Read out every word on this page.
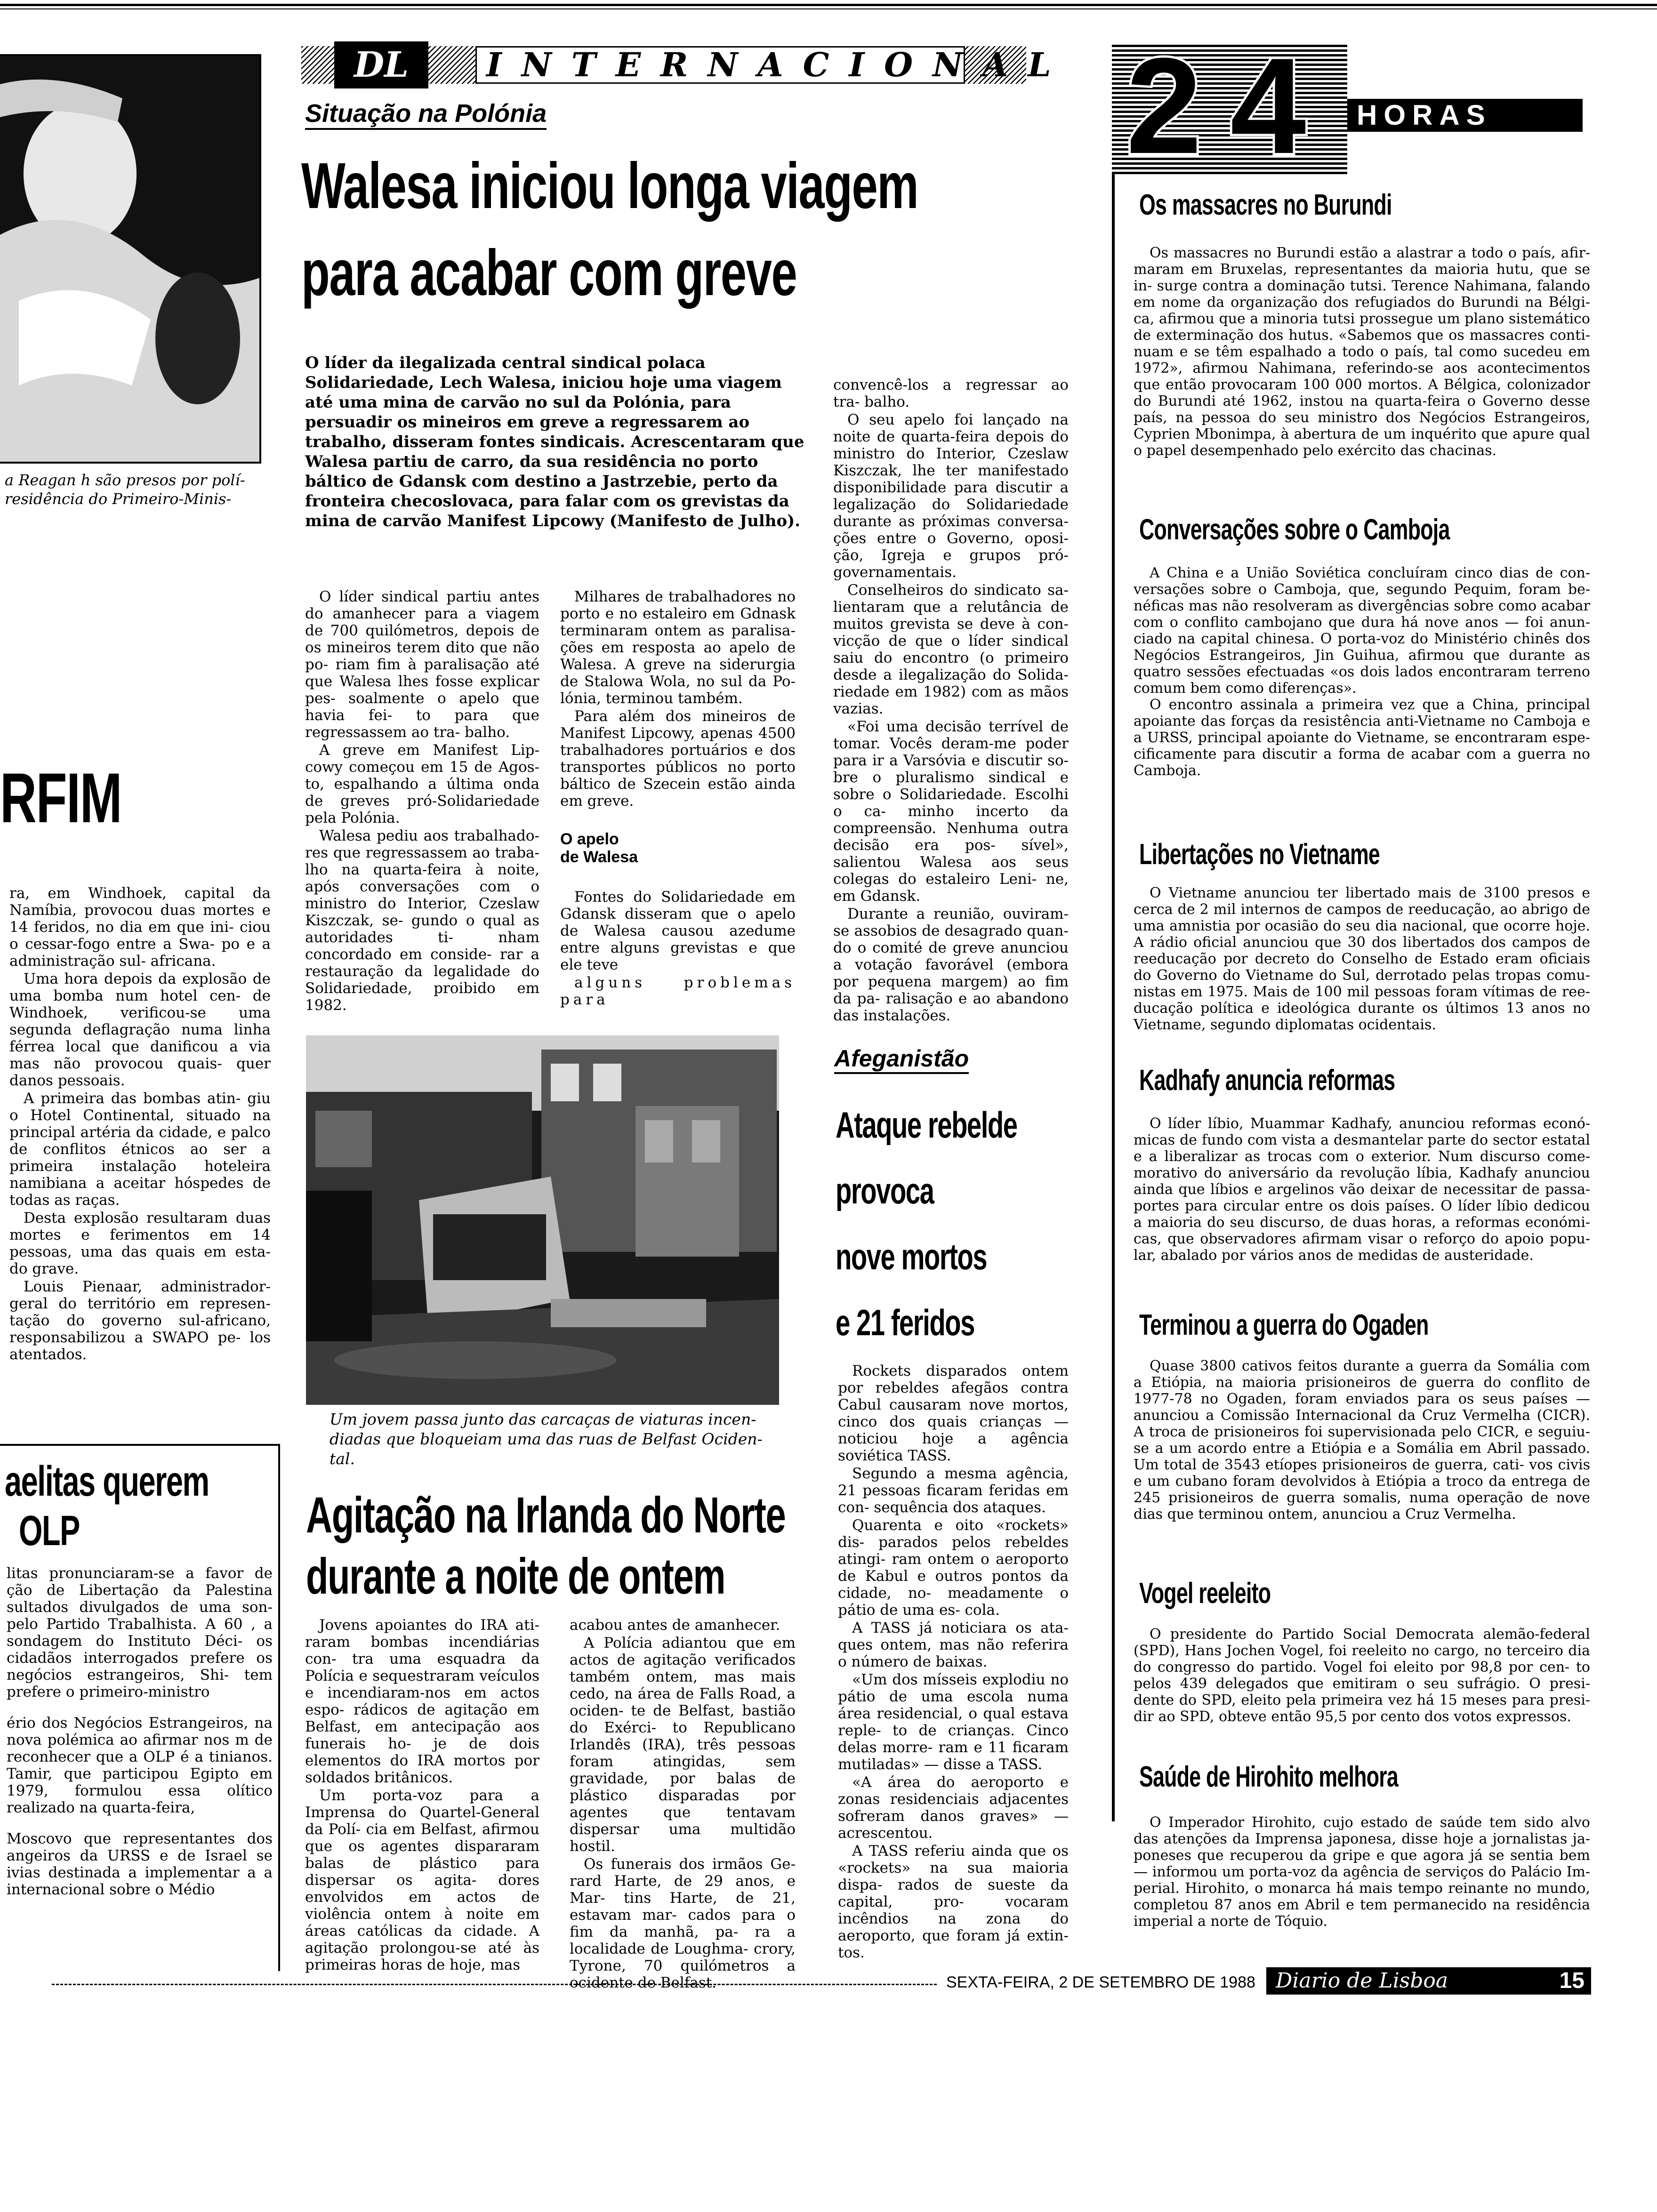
a Reagan h são presos por polí-
residência do Primeiro-Minis-
RFIM

ra, em Windhoek, capital da Namíbia, provocou duas mortes e 14 feridos, no dia em que ini- ciou o cessar-fogo entre a Swa- po e a administração sul- africana.

Uma hora depois da explosão de uma bomba num hotel cen- de Windhoek, verificou-se uma segunda deflagração numa linha férrea local que danificou a via mas não provocou quais- quer danos pessoais.

A primeira das bombas atin- giu o Hotel Continental, situado na principal artéria da cidade, e palco de conflitos étnicos ao ser a primeira instalação hoteleira namibiana a aceitar hóspedes de todas as raças.

Desta explosão resultaram duas mortes e ferimentos em 14 pessoas, uma das quais em esta- do grave.

Louis Pienaar, administrador- geral do território em represen- tação do governo sul-africano, responsabilizou a SWAPO pe- los atentados.

aelitas querem
OLP

litas pronunciaram-se a favor de ção de Libertação da Palestina sultados divulgados de uma son- pelo Partido Trabalhista. A 60 , a sondagem do Instituto Déci- os cidadãos interrogados prefere os negócios estrangeiros, Shi- tem prefere o primeiro-ministro

ério dos Negócios Estrangeiros, na nova polémica ao afirmar nos m de reconhecer que a OLP é a tinianos. Tamir, que participou Egipto em 1979, formulou essa olítico realizado na quarta-feira,

Moscovo que representantes dos angeiros da URSS e de Israel se ivias destinada a implementar a a internacional sobre o Médio

DL	INTERNACIONAL
Situação na Polónia
Walesa iniciou longa viagem
para acabar com greve
O líder da ilegalizada central sindical polaca Solidariedade, Lech Walesa, iniciou hoje uma viagem até uma mina de carvão no sul da Polónia, para persuadir os mineiros em greve a regressarem ao trabalho, disseram fontes sindicais. Acrescentaram que Walesa partiu de carro, da sua residência no porto báltico de Gdansk com destino a Jastrzebie, perto da fronteira checoslovaca, para falar com os grevistas da mina de carvão Manifest Lipcowy (Manifesto de Julho).

O líder sindical partiu antes do amanhecer para a viagem de 700 quilómetros, depois de os mineiros terem dito que não po- riam fim à paralisação até que Walesa lhes fosse explicar pes- soalmente o apelo que havia fei- to para que regressassem ao tra- balho.

A greve em Manifest Lip- cowy começou em 15 de Agos- to, espalhando a última onda de greves pró-Solidariedade pela Polónia.

Walesa pediu aos trabalhado- res que regressassem ao traba- lho na quarta-feira à noite, após conversações com o ministro do Interior, Czeslaw Kiszczak, se- gundo o qual as autoridades ti- nham concordado em conside- rar a restauração da legalidade do Solidariedade, proibido em 1982.

Milhares de trabalhadores no porto e no estaleiro em Gdnask terminaram ontem as paralisa- ções em resposta ao apelo de Walesa. A greve na siderurgia de Stalowa Wola, no sul da Po- lónia, terminou também.

Para além dos mineiros de Manifest Lipcowy, apenas 4500 trabalhadores portuários e dos transportes públicos no porto báltico de Szecein estão ainda em greve.

O apelo
de Walesa

Fontes do Solidariedade em Gdansk disseram que o apelo de Walesa causou azedume entre alguns grevistas e que ele teve

alguns problemas para

convencê-los a regressar ao tra- balho.

O seu apelo foi lançado na noite de quarta-feira depois do ministro do Interior, Czeslaw Kiszczak, lhe ter manifestado disponibilidade para discutir a legalização do Solidariedade durante as próximas conversa- ções entre o Governo, oposi- ção, Igreja e grupos pró- governamentais.

Conselheiros do sindicato sa- lientaram que a relutância de muitos grevista se deve à con- vicção de que o líder sindical saiu do encontro (o primeiro desde a ilegalização do Solida- riedade em 1982) com as mãos vazias.

«Foi uma decisão terrível de tomar. Vocês deram-me poder para ir a Varsóvia e discutir so- bre o pluralismo sindical e sobre o Solidariedade. Escolhi o ca- minho incerto da compreensão. Nenhuma outra decisão era pos- sível», salientou Walesa aos seus colegas do estaleiro Leni- ne, em Gdansk.

Durante a reunião, ouviram- se assobios de desagrado quan- do o comité de greve anunciou a votação favorável (embora por pequena margem) ao fim da pa- ralisação e ao abandono das instalações.

Um jovem passa junto das carcaças de viaturas incen- diadas que bloqueiam uma das ruas de Belfast Ociden- tal.
Agitação na Irlanda do Norte
durante a noite de ontem

Jovens apoiantes do IRA ati- raram bombas incendiárias con- tra uma esquadra da Polícia e sequestraram veículos e incendiaram-nos em actos espo- rádicos de agitação em Belfast, em antecipação aos funerais ho- je de dois elementos do IRA mortos por soldados britânicos.

Um porta-voz para a Imprensa do Quartel-General da Polí- cia em Belfast, afirmou que os agentes dispararam balas de plástico para dispersar os agita- dores envolvidos em actos de violência ontem à noite em áreas católicas da cidade. A agitação prolongou-se até às primeiras horas de hoje, mas

acabou antes de amanhecer.

A Polícia adiantou que em actos de agitação verificados também ontem, mas mais cedo, na área de Falls Road, a ociden- te de Belfast, bastião do Exérci- to Republicano Irlandês (IRA), três pessoas foram atingidas, sem gravidade, por balas de plástico disparadas por agentes que tentavam dispersar uma multidão hostil.

Os funerais dos irmãos Ge- rard Harte, de 29 anos, e Mar- tins Harte, de 21, estavam mar- cados para o fim da manhã, pa- ra a localidade de Loughma- crory, Tyrone, 70 quilómetros a ocidente de Belfast.

Afeganistão
Ataque rebelde
provoca
nove mortos
e 21 feridos

Rockets disparados ontem por rebeldes afegãos contra Cabul causaram nove mortos, cinco dos quais crianças — noticiou hoje a agência soviética TASS.

Segundo a mesma agência, 21 pessoas ficaram feridas em con- sequência dos ataques.

Quarenta e oito «rockets» dis- parados pelos rebeldes atingi- ram ontem o aeroporto de Kabul e outros pontos da cidade, no- meadamente o pátio de uma es- cola.

A TASS já noticiara os ata- ques ontem, mas não referira o número de baixas.

«Um dos mísseis explodiu no pátio de uma escola numa área residencial, o qual estava reple- to de crianças. Cinco delas morre- ram e 11 ficaram mutiladas» — disse a TASS.

«A área do aeroporto e zonas residenciais adjacentes sofreram danos graves» — acrescentou.

A TASS referiu ainda que os «rockets» na sua maioria dispa- rados de sueste da capital, pro- vocaram incêndios na zona do aeroporto, que foram já extin- tos.

24 HORAS
Os massacres no Burundi

Os massacres no Burundi estão a alastrar a todo o país, afir- maram em Bruxelas, representantes da maioria hutu, que se in- surge contra a dominação tutsi. Terence Nahimana, falando em nome da organização dos refugiados do Burundi na Bélgi- ca, afirmou que a minoria tutsi prossegue um plano sistemático de exterminação dos hutus. «Sabemos que os massacres conti- nuam e se têm espalhado a todo o país, tal como sucedeu em 1972», afirmou Nahimana, referindo-se aos acontecimentos que então provocaram 100 000 mortos. A Bélgica, colonizador do Burundi até 1962, instou na quarta-feira o Governo desse país, na pessoa do seu ministro dos Negócios Estrangeiros, Cyprien Mbonimpa, à abertura de um inquérito que apure qual o papel desempenhado pelo exército das chacinas.

Conversações sobre o Camboja

A China e a União Soviética concluíram cinco dias de con- versações sobre o Camboja, que, segundo Pequim, foram be- néficas mas não resolveram as divergências sobre como acabar com o conflito cambojano que dura há nove anos — foi anun- ciado na capital chinesa. O porta-voz do Ministério chinês dos Negócios Estrangeiros, Jin Guihua, afirmou que durante as quatro sessões efectuadas «os dois lados encontraram terreno comum bem como diferenças».

O encontro assinala a primeira vez que a China, principal apoiante das forças da resistência anti-Vietname no Camboja e a URSS, principal apoiante do Vietname, se encontraram espe- cificamente para discutir a forma de acabar com a guerra no Camboja.

Libertações no Vietname

O Vietname anunciou ter libertado mais de 3100 presos e cerca de 2 mil internos de campos de reeducação, ao abrigo de uma amnistia por ocasião do seu dia nacional, que ocorre hoje. A rádio oficial anunciou que 30 dos libertados dos campos de reeducação por decreto do Conselho de Estado eram oficiais do Governo do Vietname do Sul, derrotado pelas tropas comu- nistas em 1975. Mais de 100 mil pessoas foram vítimas de ree- ducação política e ideológica durante os últimos 13 anos no Vietname, segundo diplomatas ocidentais.

Kadhafy anuncia reformas

O líder líbio, Muammar Kadhafy, anunciou reformas econó- micas de fundo com vista a desmantelar parte do sector estatal e a liberalizar as trocas com o exterior. Num discurso come- morativo do aniversário da revolução líbia, Kadhafy anunciou ainda que líbios e argelinos vão deixar de necessitar de passa- portes para circular entre os dois países. O líder líbio dedicou a maioria do seu discurso, de duas horas, a reformas económi- cas, que observadores afirmam visar o reforço do apoio popu- lar, abalado por vários anos de medidas de austeridade.

Terminou a guerra do Ogaden

Quase 3800 cativos feitos durante a guerra da Somália com a Etiópia, na maioria prisioneiros de guerra do conflito de 1977-78 no Ogaden, foram enviados para os seus países — anunciou a Comissão Internacional da Cruz Vermelha (CICR). A troca de prisioneiros foi supervisionada pelo CICR, e seguiu-se a um acordo entre a Etiópia e a Somália em Abril passado. Um total de 3543 etíopes prisioneiros de guerra, cati- vos civis e um cubano foram devolvidos à Etiópia a troco da entrega de 245 prisioneiros de guerra somalis, numa operação de nove dias que terminou ontem, anunciou a Cruz Vermelha.

Vogel reeleito

O presidente do Partido Social Democrata alemão-federal (SPD), Hans Jochen Vogel, foi reeleito no cargo, no terceiro dia do congresso do partido. Vogel foi eleito por 98,8 por cen- to pelos 439 delegados que emitiram o seu sufrágio. O presi- dente do SPD, eleito pela primeira vez há 15 meses para presi- dir ao SPD, obteve então 95,5 por cento dos votos expressos.

Saúde de Hirohito melhora

O Imperador Hirohito, cujo estado de saúde tem sido alvo das atenções da Imprensa japonesa, disse hoje a jornalistas ja- poneses que recuperou da gripe e que agora já se sentia bem — informou um porta-voz da agência de serviços do Palácio Im- perial. Hirohito, o monarca há mais tempo reinante no mundo, completou 87 anos em Abril e tem permanecido na residência imperial a norte de Tóquio.

SEXTA-FEIRA, 2 DE SETEMBRO DE 1988 Diario de Lisboa	15
